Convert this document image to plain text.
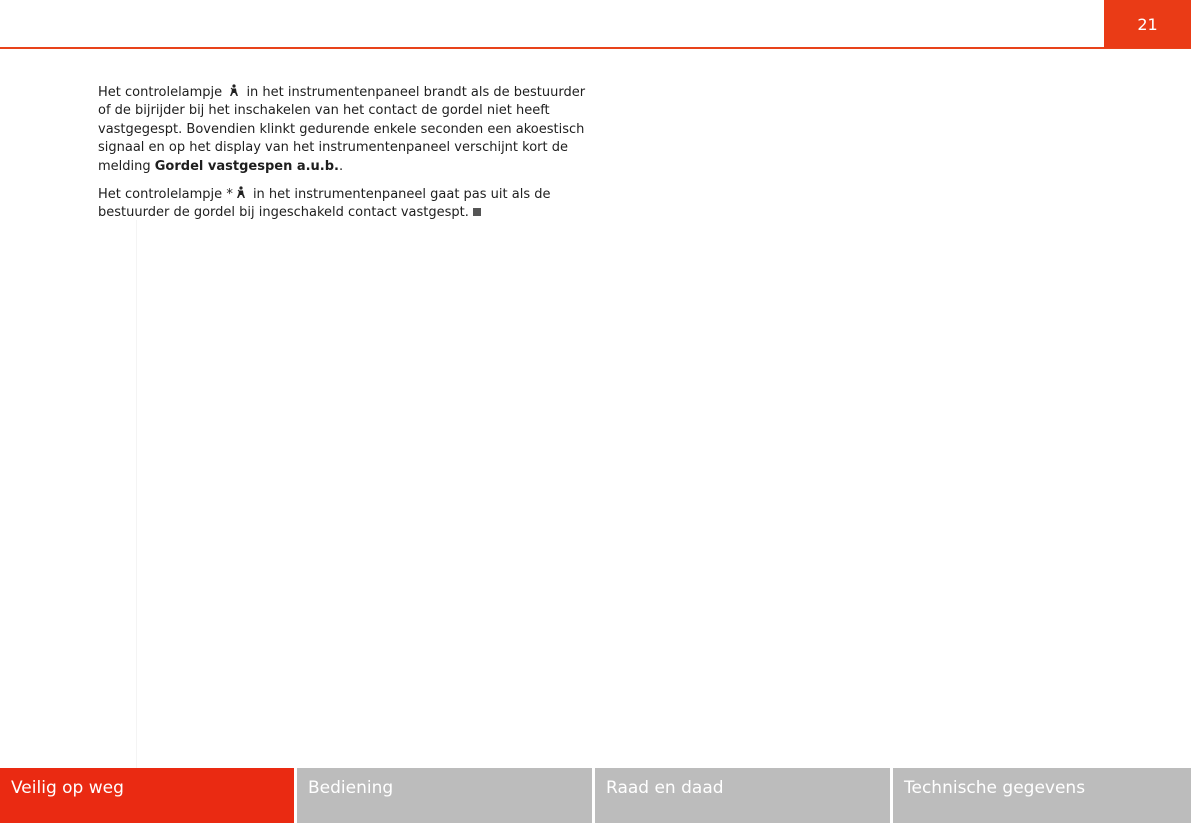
21

Het controlelampje  in het instrumentenpaneel brandt als de bestuurder of de bijrijder bij het inschakelen van het contact de gordel niet heeft vastgegespt. Bovendien klinkt gedurende enkele seconden een akoestisch signaal en op het display van het instrumentenpaneel verschijnt kort de melding Gordel vastgespen a.u.b..

Het controlelampje * in het instrumentenpaneel gaat pas uit als de bestuurder de gordel bij ingeschakeld contact vastgespt.

Veilig op weg	Bediening	Raad en daad	Technische gegevens
